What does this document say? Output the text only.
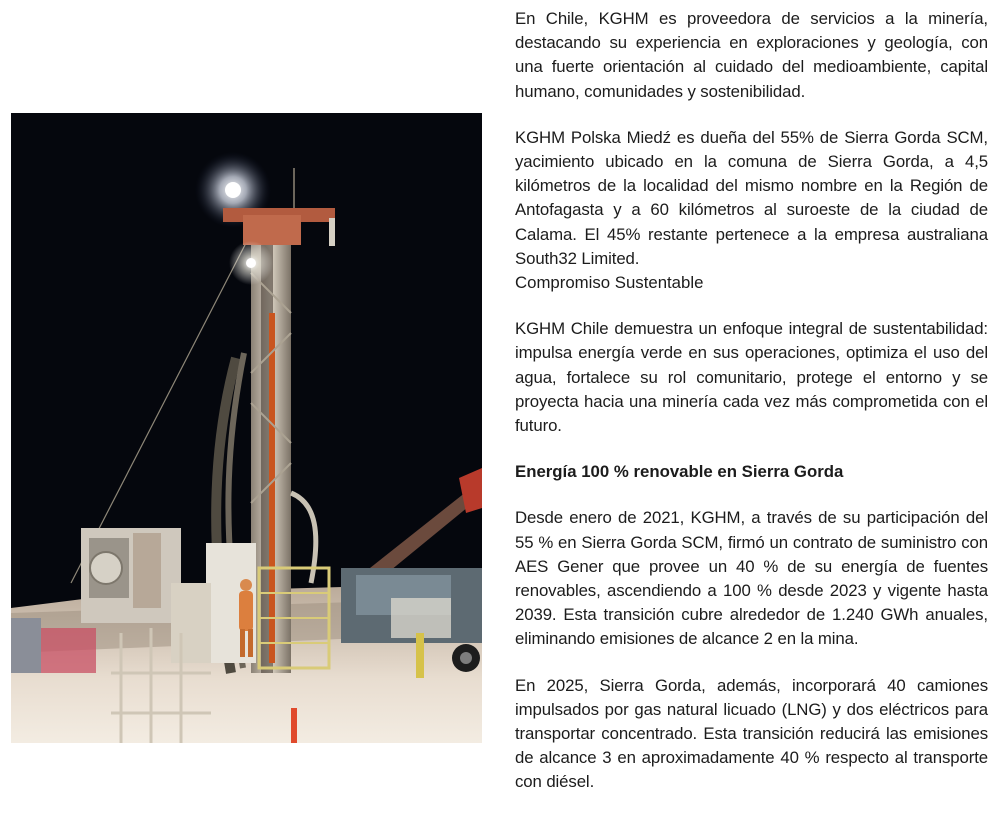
En Chile, KGHM es proveedora de servicios a la minería, destacando su experiencia en exploraciones y geología, con una fuerte orientación al cuidado del medioambiente, capital humano, comunidades y sostenibilidad.

KGHM Polska Miedź es dueña del 55% de Sierra Gorda SCM, yacimiento ubicado en la comuna de Sierra Gorda, a 4,5 kilómetros de la localidad del mismo nombre en la Región de Antofagasta y a 60 kilómetros al suroeste de la ciudad de Calama. El 45% restante pertenece a la empresa australiana South32 Limited.

Compromiso Sustentable

KGHM Chile demuestra un enfoque integral de sustentabilidad: impulsa energía verde en sus operaciones, optimiza el uso del agua, fortalece su rol comunitario, protege el entorno y se proyecta hacia una minería cada vez más comprometida con el futuro.

Energía 100 % renovable en Sierra Gorda

Desde enero de 2021, KGHM, a través de su participación del 55 % en Sierra Gorda SCM, firmó un contrato de suministro con AES Gener que provee un 40 % de su energía de fuentes renovables, ascendiendo a 100 % desde 2023 y vigente hasta 2039. Esta transición cubre alrededor de 1.240 GWh anuales, eliminando emisiones de alcance 2 en la mina.

En 2025, Sierra Gorda, además, incorporará 40 camiones impulsados por gas natural licuado (LNG) y dos eléctricos para transportar concentrado. Esta transición reducirá las emisiones de alcance 3 en aproximadamente 40 % respecto al transporte con diésel.
